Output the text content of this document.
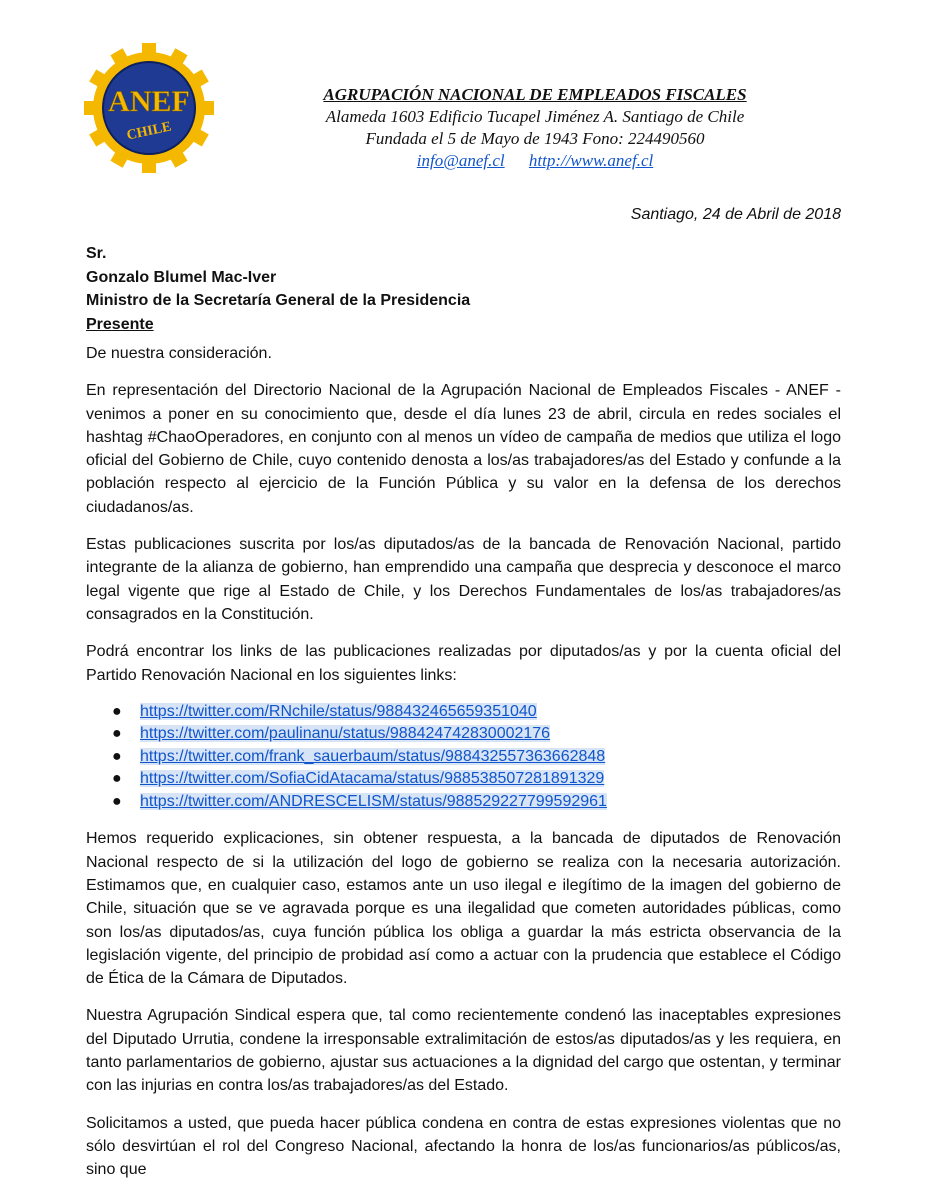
ANEF
CHILE
AGRUPACIÓN NACIONAL DE EMPLEADOS FISCALES
Alameda 1603 Edificio Tucapel Jiménez A. Santiago de Chile
Fundada el 5 de Mayo de 1943 Fono: 224490560
info@anef.cl http://www.anef.cl
Santiago, 24 de Abril de 2018
Sr.
Gonzalo Blumel Mac-Iver
Ministro de la Secretaría General de la Presidencia
Presente

De nuestra consideración.

En representación del Directorio Nacional de la Agrupación Nacional de Empleados Fiscales - ANEF - venimos a poner en su conocimiento que, desde el día lunes 23 de abril, circula en redes sociales el hashtag #ChaoOperadores, en conjunto con al menos un vídeo de campaña de medios que utiliza el logo oficial del Gobierno de Chile, cuyo contenido denosta a los/as trabajadores/as del Estado y confunde a la población respecto al ejercicio de la Función Pública y su valor en la defensa de los derechos ciudadanos/as.

Estas publicaciones suscrita por los/as diputados/as de la bancada de Renovación Nacional, partido integrante de la alianza de gobierno, han emprendido una campaña que desprecia y desconoce el marco legal vigente que rige al Estado de Chile, y los Derechos Fundamentales de los/as trabajadores/as consagrados en la Constitución.

Podrá encontrar los links de las publicaciones realizadas por diputados/as y por la cuenta oficial del Partido Renovación Nacional en los siguientes links:

● https://twitter.com/RNchile/status/988432465659351040
● https://twitter.com/paulinanu/status/988424742830002176
● https://twitter.com/frank_sauerbaum/status/988432557363662848
● https://twitter.com/SofiaCidAtacama/status/988538507281891329
● https://twitter.com/ANDRESCELISM/status/988529227799592961

Hemos requerido explicaciones, sin obtener respuesta, a la bancada de diputados de Renovación Nacional respecto de si la utilización del logo de gobierno se realiza con la necesaria autorización. Estimamos que, en cualquier caso, estamos ante un uso ilegal e ilegítimo de la imagen del gobierno de Chile, situación que se ve agravada porque es una ilegalidad que cometen autoridades públicas, como son los/as diputados/as, cuya función pública los obliga a guardar la más estricta observancia de la legislación vigente, del principio de probidad así como a actuar con la prudencia que establece el Código de Ética de la Cámara de Diputados.

Nuestra Agrupación Sindical espera que, tal como recientemente condenó las inaceptables expresiones del Diputado Urrutia, condene la irresponsable extralimitación de estos/as diputados/as y les requiera, en tanto parlamentarios de gobierno, ajustar sus actuaciones a la dignidad del cargo que ostentan, y terminar con las injurias en contra los/as trabajadores/as del Estado.

Solicitamos a usted, que pueda hacer pública condena en contra de estas expresiones violentas que no sólo desvirtúan el rol del Congreso Nacional, afectando la honra de los/as funcionarios/as públicos/as, sino que
